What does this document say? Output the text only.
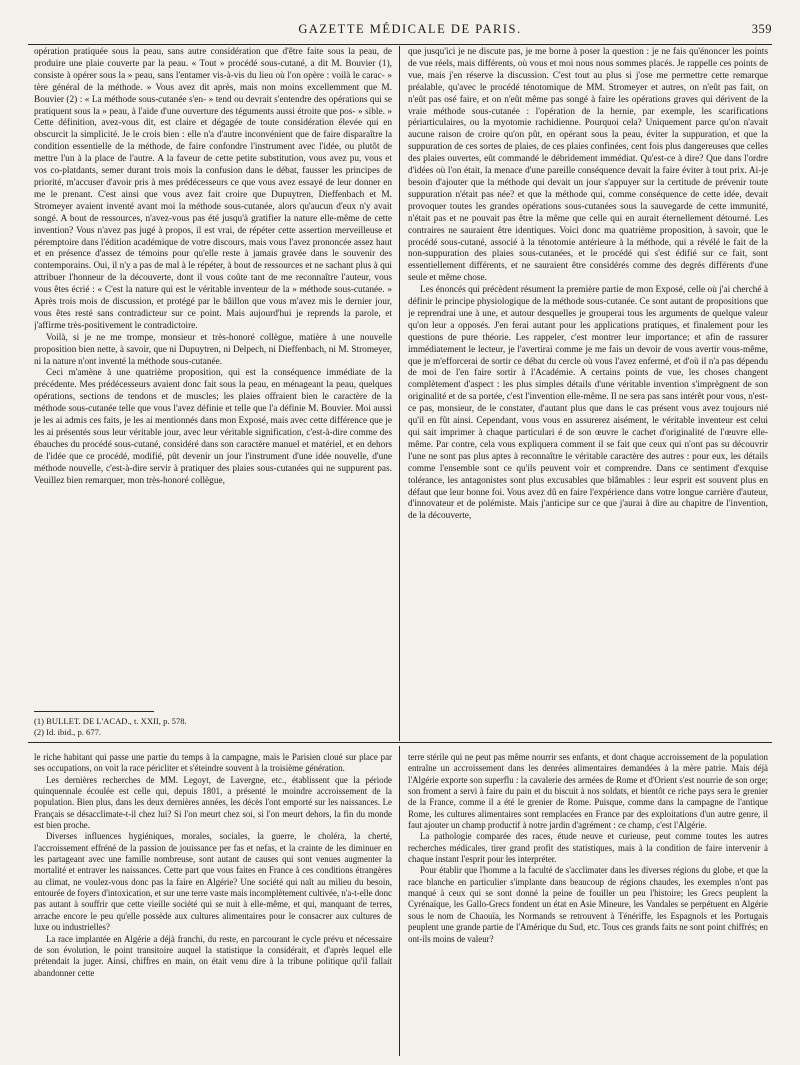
GAZETTE MÉDICALE DE PARIS.	359

opération pratiquée sous la peau, sans autre considération que d'être faite sous la peau, de produire une plaie couverte par la peau. « Tout » procédé sous-cutané, a dit M. Bouvier (1), consiste à opérer sous la » peau, sans l'entamer vis-à-vis du lieu où l'on opère : voilà le carac- » tère général de la méthode. » Vous avez dit après, mais non moins excellemment que M. Bouvier (2) : « La méthode sous-cutanée s'en- » tend ou devrait s'entendre des opérations qui se pratiquent sous la » peau, à l'aide d'une ouverture des téguments aussi étroite que pos- » sible. » Cette définition, avez-vous dit, est claire et dégagée de toute considération élevée qui en obscurcit la simplicité. Je le crois bien : elle n'a d'autre inconvénient que de faire disparaître la condition essentielle de la méthode, de faire confondre l'instrument avec l'idée, ou plutôt de mettre l'un à la place de l'autre. A la faveur de cette petite substitution, vous avez pu, vous et vos co-platdants, semer durant trois mois la confusion dans le débat, fausser les principes de priorité, m'accuser d'avoir pris à mes prédécesseurs ce que vous avez essayé de leur donner en me le prenant. C'est ainsi que vous avez fait croire que Dupuytren, Dieffenbach et M. Stromeyer avaient inventé avant moi la méthode sous-cutanée, alors qu'aucun d'eux n'y avait songé. A bout de ressources, n'avez-vous pas été jusqu'à gratifier la nature elle-même de cette invention? Vous n'avez pas jugé à propos, il est vrai, de répéter cette assertion merveilleuse et péremptoire dans l'édition académique de votre discours, mais vous l'avez prononcée assez haut et en présence d'assez de témoins pour qu'elle reste à jamais gravée dans le souvenir des contemporains. Oui, il n'y a pas de mal à le répéter, à bout de ressources et ne sachant plus à qui attribuer l'honneur de la découverte, dont il vous coûte tant de me reconnaître l'auteur, vous vous êtes écrié : « C'est la nature qui est le véritable inventeur de la » méthode sous-cutanée. » Après trois mois de discussion, et protégé par le bâillon que vous m'avez mis le dernier jour, vous êtes resté sans contradicteur sur ce point. Mais aujourd'hui je reprends la parole, et j'affirme très-positivement le contradictoire.

Voilà, si je ne me trompe, monsieur et très-honoré collègue, matière à une nouvelle proposition bien nette, à savoir, que ni Dupuytren, ni Delpech, ni Dieffenbach, ni M. Stromeyer, ni la nature n'ont inventé la méthode sous-cutanée.

Ceci m'amène à une quatrième proposition, qui est la conséquence immédiate de la précédente. Mes prédécesseurs avaient donc fait sous la peau, en ménageant la peau, quelques opérations, sections de tendons et de muscles; les plaies offraient bien le caractère de la méthode sous-cutanée telle que vous l'avez définie et telle que l'a définie M. Bouvier. Moi aussi je les ai admis ces faits, je les ai mentionnés dans mon Exposé, mais avec cette différence que je les ai présentés sous leur véritable jour, avec leur véritable signification, c'est-à-dire comme des ébauches du procédé sous-cutané, considéré dans son caractère manuel et matériel, et en dehors de l'idée que ce procédé, modifié, pût devenir un jour l'instrument d'une idée nouvelle, d'une méthode nouvelle, c'est-à-dire servir à pratiquer des plaies sous-cutanées qui ne suppurent pas. Veuillez bien remarquer, mon très-honoré collègue,

(1) BULLET. DE L'ACAD., t. XXII, p. 578.
(2) Id. ibid., p. 677.

que jusqu'ici je ne discute pas, je me borne à poser la question : je ne fais qu'énoncer les points de vue réels, mais différents, où vous et moi nous nous sommes placés. Je rappelle ces points de vue, mais j'en réserve la discussion. C'est tout au plus si j'ose me permettre cette remarque préalable, qu'avec le procédé ténotomique de MM. Stromeyer et autres, on n'eût pas fait, on n'eût pas osé faire, et on n'eût même pas songé à faire les opérations graves qui dérivent de la vraie méthode sous-cutanée : l'opération de la hernie, par exemple, les scarifications périarticulaires, ou la myotomie rachidienne. Pourquoi cela? Uniquement parce qu'on n'avait aucune raison de croire qu'on pût, en opérant sous la peau, éviter la suppuration, et que la suppuration de ces sortes de plaies, de ces plaies confinées, cent fois plus dangereuses que celles des plaies ouvertes, eût commandé le débridement immédiat. Qu'est-ce à dire? Que dans l'ordre d'idées où l'on était, la menace d'une pareille conséquence devait la faire éviter à tout prix. Ai-je besoin d'ajouter que la méthode qui devait un jour s'appuyer sur la certitude de prévenir toute suppuration n'était pas née? et que la méthode qui, comme conséquence de cette idée, devait provoquer toutes les grandes opérations sous-cutanées sous la sauvegarde de cette immunité, n'était pas et ne pouvait pas être la même que celle qui en aurait éternellement détourné. Les contraires ne sauraient être identiques. Voici donc ma quatrième proposition, à savoir, que le procédé sous-cutané, associé à la ténotomie antérieure à la méthode, qui a révélé le fait de la non-suppuration des plaies sous-cutanées, et le procédé qui s'est édifié sur ce fait, sont essentiellement différents, et ne sauraient être considérés comme des degrés différents d'une seule et même chose.

Les énoncés qui précèdent résument la première partie de mon Exposé, celle où j'ai cherché à définir le principe physiologique de la méthode sous-cutanée. Ce sont autant de propositions que je reprendrai une à une, et autour desquelles je grouperai tous les arguments de quelque valeur qu'on leur a opposés. J'en ferai autant pour les applications pratiques, et finalement pour les questions de pure théorie. Les rappeler, c'est montrer leur importance; et afin de rassurer immédiatement le lecteur, je l'avertirai comme je me fais un devoir de vous avertir vous-même, que je m'efforcerai de sortir ce débat du cercle où vous l'avez enfermé, et d'où il n'a pas dépendu de moi de l'en faire sortir à l'Académie. A certains points de vue, les choses changent complètement d'aspect : les plus simples détails d'une véritable invention s'imprègnent de son originalité et de sa portée, c'est l'invention elle-même. Il ne sera pas sans intérêt pour vous, n'est-ce pas, monsieur, de le constater, d'autant plus que dans le cas présent vous avez toujours nié qu'il en fût ainsi. Cependant, vous vous en assurerez aisément, le véritable inventeur est celui qui sait imprimer à chaque particulari é de son œuvre le cachet d'originalité de l'œuvre elle-même. Par contre, cela vous expliquera comment il se fait que ceux qui n'ont pas su découvrir l'une ne sont pas plus aptes à reconnaître le véritable caractère des autres : pour eux, les détails comme l'ensemble sont ce qu'ils peuvent voir et comprendre. Dans ce sentiment d'exquise tolérance, les antagonistes sont plus excusables que blâmables : leur esprit est souvent plus en défaut que leur bonne foi. Vous avez dû en faire l'expérience dans votre longue carrière d'auteur, d'innovateur et de polémiste. Mais j'anticipe sur ce que j'aurai à dire au chapitre de l'invention, de la découverte,

le riche habitant qui passe une partie du temps à la campagne, mais le Parisien cloué sur place par ses occupations, on voit la race péricliter et s'éteindre souvent à la troisième génération.

Les dernières recherches de MM. Legoyt, de Lavergne, etc., établissent que la période quinquennale écoulée est celle qui, depuis 1801, a présenté le moindre accroissement de la population. Bien plus, dans les deux dernières années, les décès l'ont emporté sur les naissances. Le Français se désacclimate-t-il chez lui? Si l'on meurt chez soi, si l'on meurt dehors, la fin du monde est bien proche.

Diverses influences hygiéniques, morales, sociales, la guerre, le choléra, la cherté, l'accroissement effréné de la passion de jouissance per fas et nefas, et la crainte de les diminuer en les partageant avec une famille nombreuse, sont autant de causes qui sont venues augmenter la mortalité et entraver les naissances. Cette part que vous faites en France à ces conditions étrangères au climat, ne voulez-vous donc pas la faire en Algérie? Une société qui naît au milieu du besoin, entourée de foyers d'intoxication, et sur une terre vaste mais incomplètement cultivée, n'a-t-elle donc pas autant à souffrir que cette vieille société qui se nuit à elle-même, et qui, manquant de terres, arrache encore le peu qu'elle possède aux cultures alimentaires pour le consacrer aux cultures de luxe ou industrielles?

La race implantée en Algérie a déjà franchi, du reste, en parcourant le cycle prévu et nécessaire de son évolution, le point transitoire auquel la statistique la considérait, et d'après lequel elle prétendait la juger. Ainsi, chiffres en main, on était venu dire à la tribune politique qu'il fallait abandonner cette

terre stérile qui ne peut pas même nourrir ses enfants, et dont chaque accroissement de la population entraîne un accroissement dans les denrées alimentaires demandées à la mère patrie. Mais déjà l'Algérie exporte son superflu : la cavalerie des armées de Rome et d'Orient s'est nourrie de son orge; son froment a servi à faire du pain et du biscuit à nos soldats, et bientôt ce riche pays sera le grenier de la France, comme il a été le grenier de Rome. Puisque, comme dans la campagne de l'antique Rome, les cultures alimentaires sont remplacées en France par des exploitations d'un autre genre, il faut ajouter un champ productif à notre jardin d'agrément : ce champ, c'est l'Algérie.

La pathologie comparée des races, étude neuve et curieuse, peut comme toutes les autres recherches médicales, tirer grand profit des statistiques, mais à la condition de faire intervenir à chaque instant l'esprit pour les interpréter.

Pour établir que l'homme a la faculté de s'acclimater dans les diverses régions du globe, et que la race blanche en particulier s'implante dans beaucoup de régions chaudes, les exemples n'ont pas manqué à ceux qui se sont donné la peine de fouiller un peu l'histoire; les Grecs peuplent la Cyrénaïque, les Gallo-Grecs fondent un état en Asie Mineure, les Vandales se perpétuent en Algérie sous le nom de Chaouïa, les Normands se retrouvent à Ténériffe, les Espagnols et les Portugais peuplent une grande partie de l'Amérique du Sud, etc. Tous ces grands faits ne sont point chiffrés; en ont-ils moins de valeur?
